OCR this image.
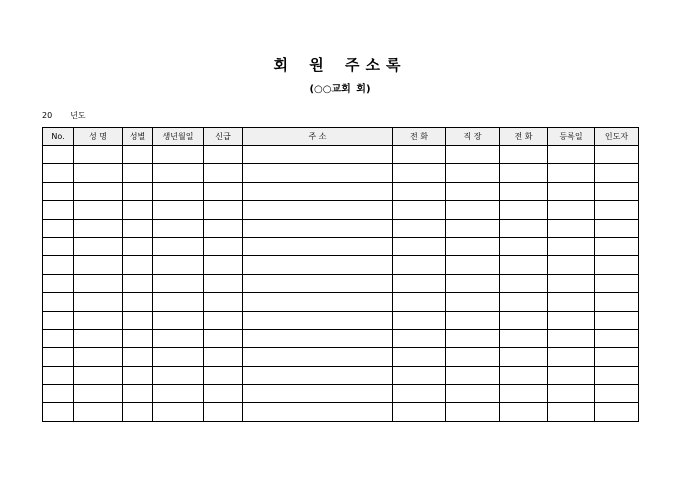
회 원 주소록
(○○교회 회)
20 년도
No.	성 명	성별	생년월일	신급	주 소	전 화	직 장	전 화	등록일	인도자
